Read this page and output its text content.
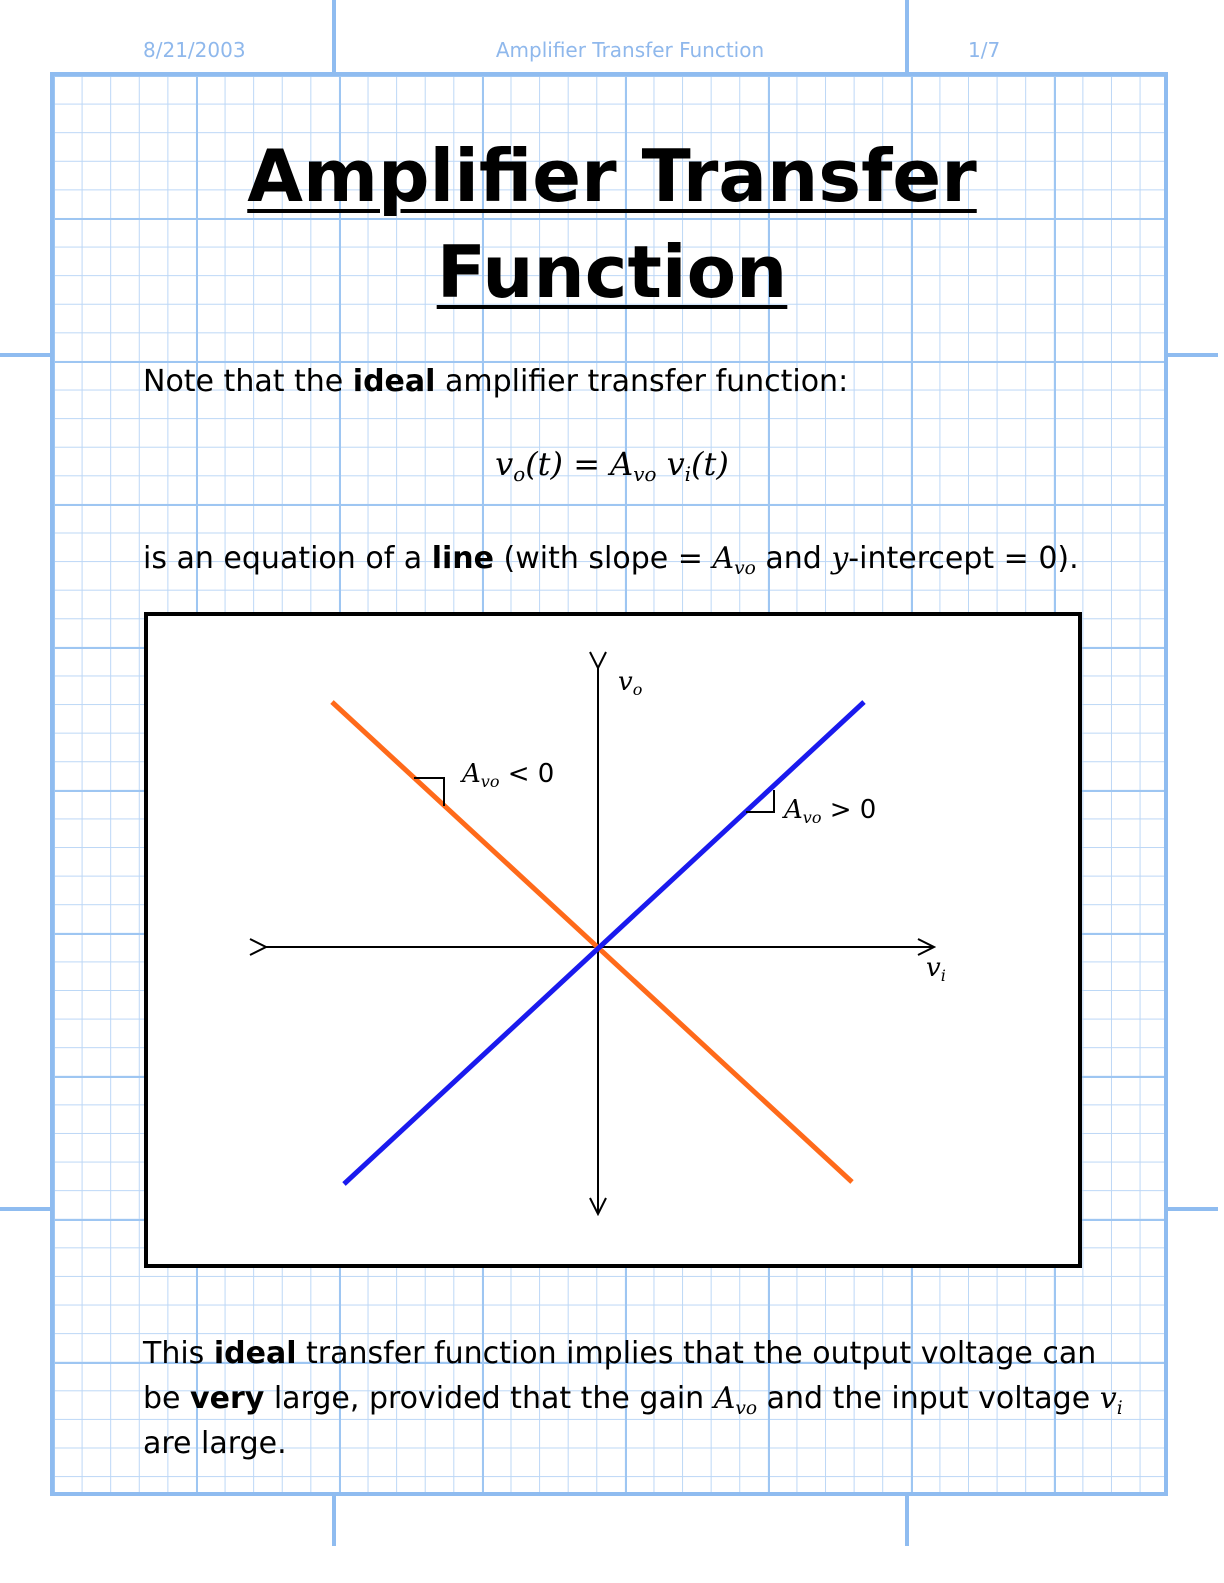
8/21/2003	Amplifier Transfer Function	1/7
Amplifier Transfer
Function
Note that the ideal amplifier transfer function:
vo(t) = Avo vi(t)
is an equation of a line (with slope = $A_{vo}$ and y-intercept = 0).
vo
vi
Avo < 0
Avo > 0
This ideal transfer function implies that the output voltage can
be very large, provided that the gain $A_{vo}$ and the input voltage $v_i$
are large.
